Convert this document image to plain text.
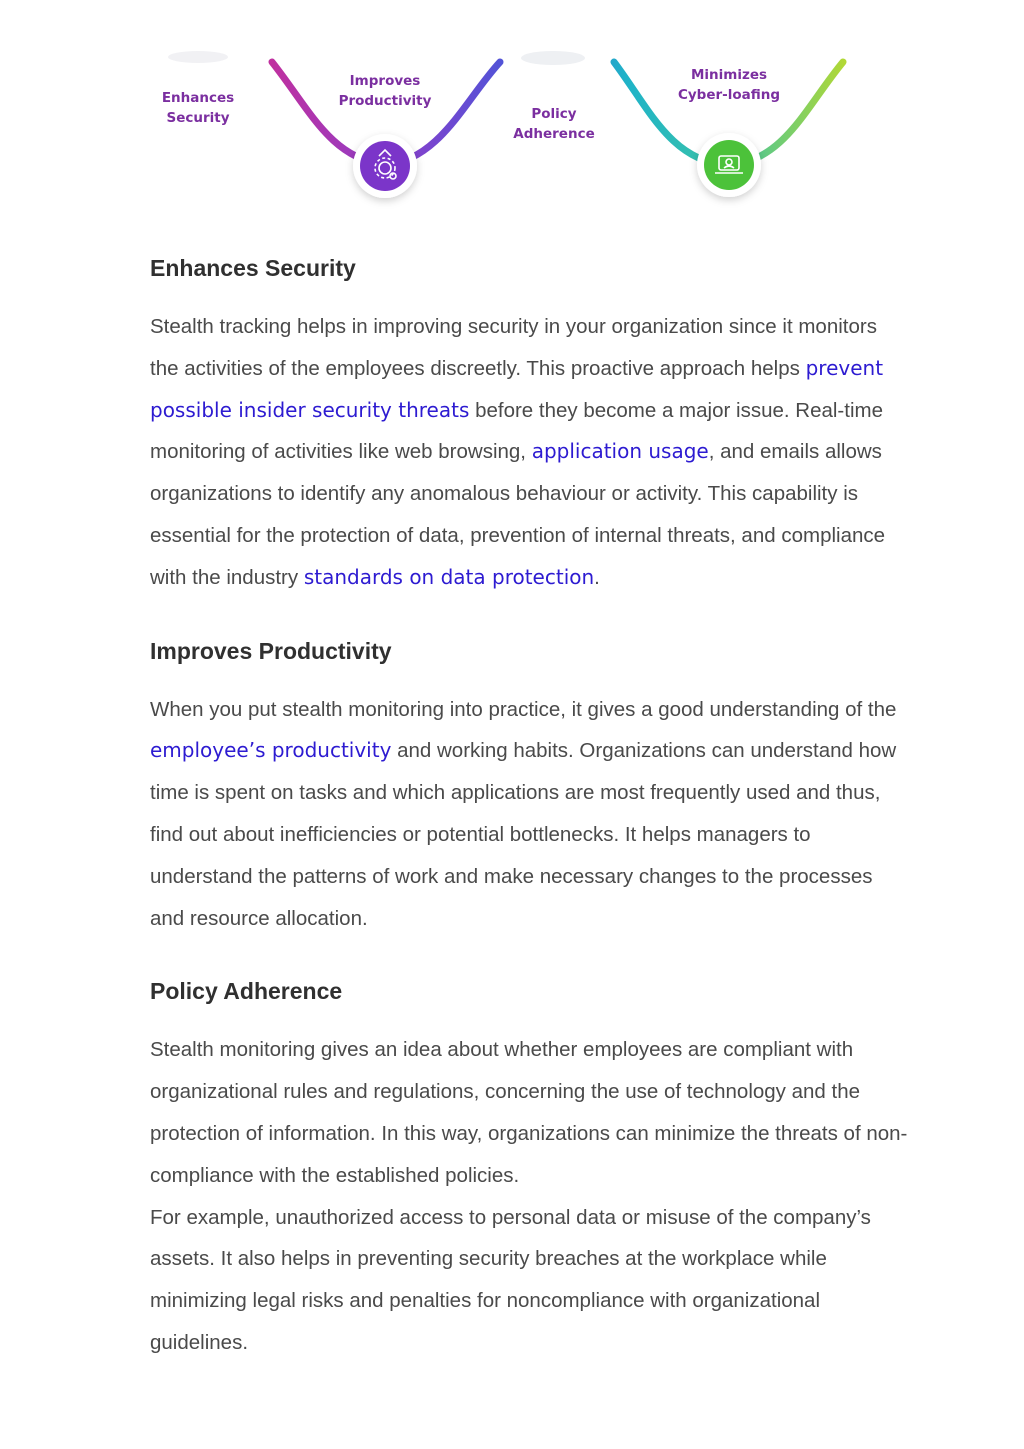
Enhances
Security
Improves
Productivity
Policy
Adherence
Minimizes
Cyber-loafing
Enhances Security

Stealth tracking helps in improving security in your organization since it monitors the activities of the employees discreetly. This proactive approach helps prevent possible insider security threats before they become a major issue. Real-time monitoring of activities like web browsing, application usage, and emails allows organizations to identify any anomalous behaviour or activity. This capability is essential for the protection of data, prevention of internal threats, and compliance with the industry standards on data protection.

Improves Productivity

When you put stealth monitoring into practice, it gives a good understanding of the employee’s productivity and working habits. Organizations can understand how time is spent on tasks and which applications are most frequently used and thus, find out about inefficiencies or potential bottlenecks. It helps managers to understand the patterns of work and make necessary changes to the processes and resource allocation.

Policy Adherence

Stealth monitoring gives an idea about whether employees are compliant with organizational rules and regulations, concerning the use of technology and the protection of information. In this way, organizations can minimize the threats of non-compliance with the established policies.

For example, unauthorized access to personal data or misuse of the company’s assets. It also helps in preventing security breaches at the workplace while minimizing legal risks and penalties for noncompliance with organizational guidelines.
